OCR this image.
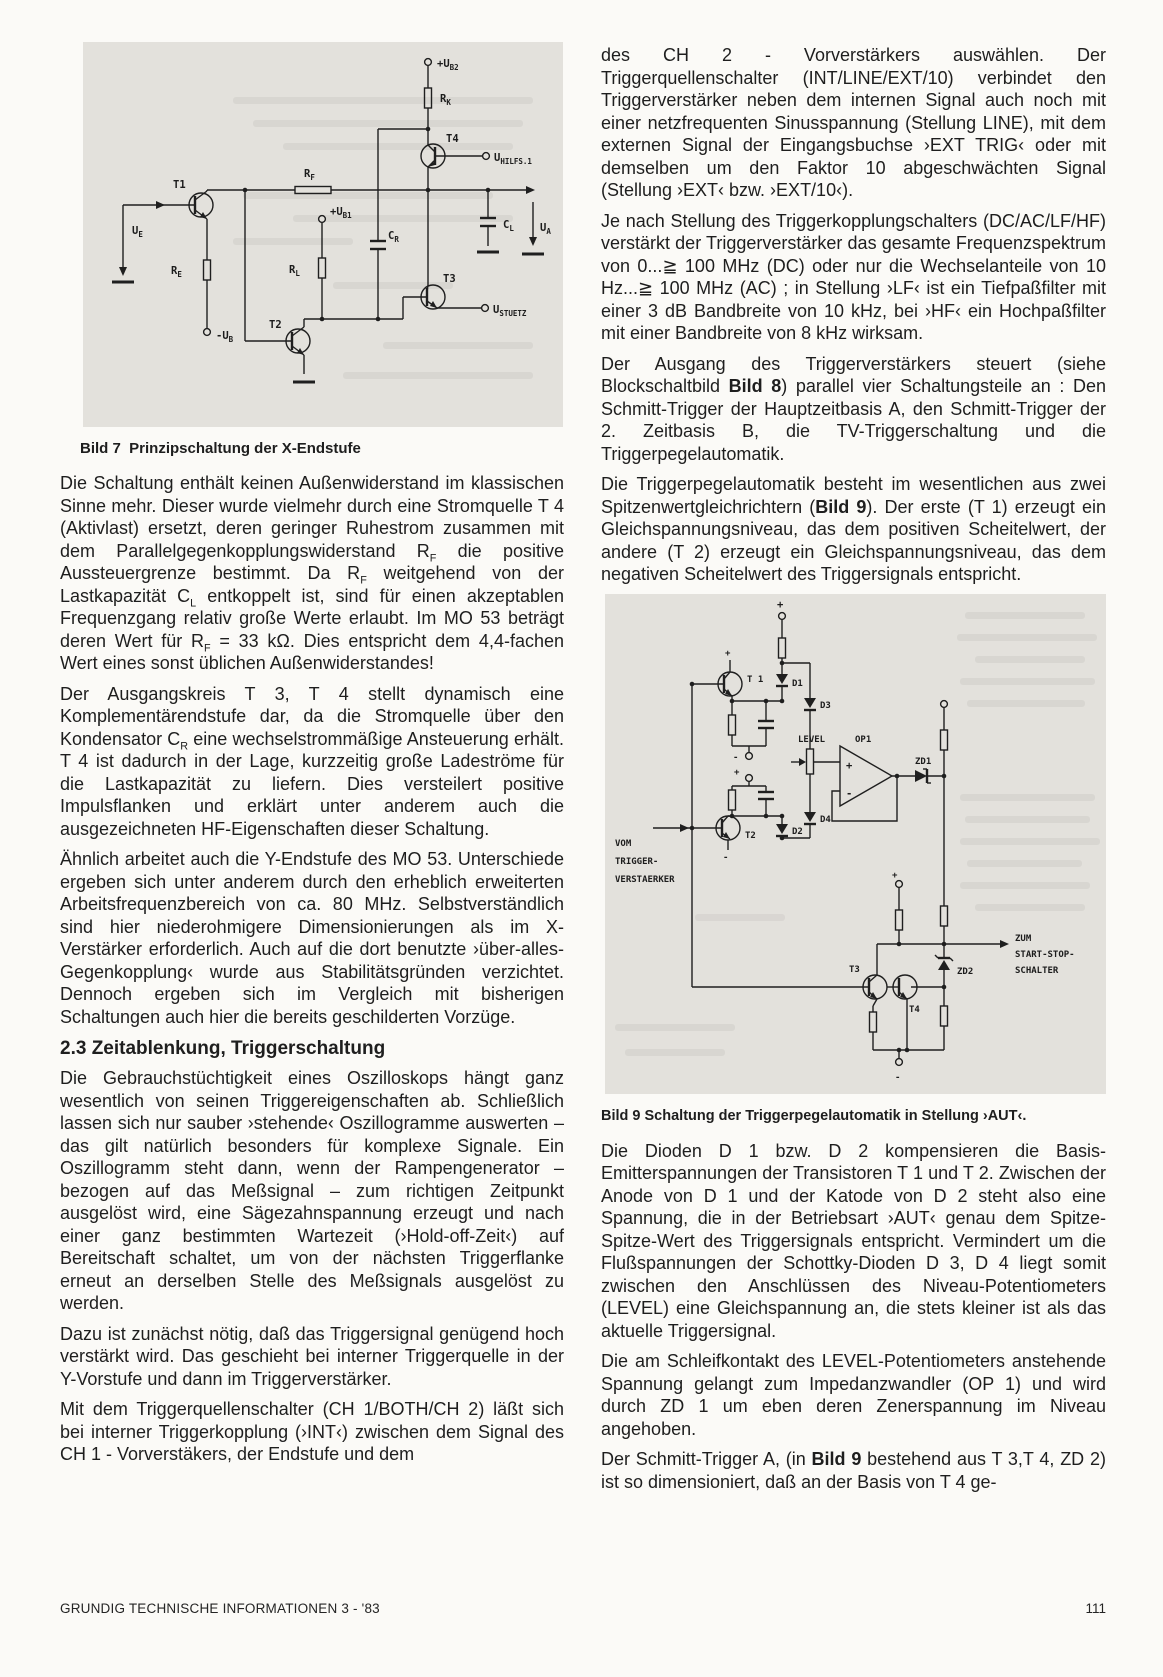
$U_E$
T1
$R_E$
$-U_B$
$R_F$
T2
$+U_{B1}$
$R_L$
$C_R$
$+U_{B2}$
$R_K$
T4
$U_{HILFS.1}$
$U_{STUETZ}$
T3
$C_L$ $U_A$
Bild 7  Prinzipschaltung der X-Endstufe

Die Schaltung enthält keinen Außenwiderstand im klassischen Sinne mehr. Dieser wurde vielmehr durch eine Stromquelle T 4 (Aktivlast) ersetzt, deren geringer Ruhestrom zusammen mit dem Parallelgegenkopplungswiderstand $R_F$ die positive Aussteuergrenze bestimmt. Da $R_F$ weitgehend von der Lastkapazität $C_L$ entkoppelt ist, sind für einen akzeptablen Frequenzgang relativ große Werte erlaubt. Im MO 53 beträgt deren Wert für $R_F = 33$ kΩ. Dies entspricht dem 4,4-fachen Wert eines sonst üblichen Außenwiderstandes!

Der Ausgangskreis T 3, T 4 stellt dynamisch eine Komplementärendstufe dar, da die Stromquelle über den Kondensator $C_R$ eine wechselstrommäßige Ansteuerung erhält. T 4 ist dadurch in der Lage, kurzzeitig große Ladeströme für die Lastkapazität zu liefern. Dies versteilert positive Impulsflanken und erklärt unter anderem auch die ausgezeichneten HF-Eigenschaften dieser Schaltung.

Ähnlich arbeitet auch die Y-Endstufe des MO 53. Unterschiede ergeben sich unter anderem durch den erheblich erweiterten Arbeitsfrequenzbereich von ca. 80 MHz. Selbstverständlich sind hier niederohmigere Dimensionierungen als im X-Verstärker erforderlich. Auch auf die dort benutzte ›über-alles-Gegenkopplung‹ wurde aus Stabilitätsgründen verzichtet. Dennoch ergeben sich im Vergleich mit bisherigen Schaltungen auch hier die bereits geschilderten Vorzüge.

2.3 Zeitablenkung, Triggerschaltung

Die Gebrauchstüchtigkeit eines Oszilloskops hängt ganz wesentlich von seinen Triggereigenschaften ab. Schließlich lassen sich nur sauber ›stehende‹ Oszillogramme auswerten – das gilt natürlich besonders für komplexe Signale. Ein Oszillogramm steht dann, wenn der Rampengenerator – bezogen auf das Meßsignal – zum richtigen Zeitpunkt ausgelöst wird, eine Sägezahnspannung erzeugt und nach einer ganz bestimmten Wartezeit (›Hold-off-Zeit‹) auf Bereitschaft schaltet, um von der nächsten Triggerflanke erneut an derselben Stelle des Meßsignals ausgelöst zu werden.

Dazu ist zunächst nötig, daß das Triggersignal genügend hoch verstärkt wird. Das geschieht bei interner Triggerquelle in der Y-Vorstufe und dann im Triggerverstärker.

Mit dem Triggerquellenschalter (CH 1/BOTH/CH 2) läßt sich bei interner Triggerkopplung (›INT‹) zwischen dem Signal des CH 1 - Vorverstäkers, der Endstufe und dem

des CH 2 - Vorverstärkers auswählen. Der Triggerquellenschalter (INT/LINE/EXT/10) verbindet den Triggerverstärker neben dem internen Signal auch noch mit einer netzfrequenten Sinusspannung (Stellung LINE), mit dem externen Signal der Eingangsbuchse ›EXT TRIG‹ oder mit demselben um den Faktor 10 abgeschwächten Signal (Stellung ›EXT‹ bzw. ›EXT/10‹).

Je nach Stellung des Triggerkopplungschalters (DC/AC/LF/HF) verstärkt der Triggerverstärker das gesamte Frequenzspektrum von 0...≧ 100 MHz (DC) oder nur die Wechselanteile von 10 Hz...≧ 100 MHz (AC) ; in Stellung ›LF‹ ist ein Tiefpaßfilter mit einer 3 dB Bandbreite von 10 kHz, bei ›HF‹ ein Hochpaßfilter mit einer Bandbreite von 8 kHz wirksam.

Der Ausgang des Triggerverstärkers steuert (siehe Blockschaltbild Bild 8) parallel vier Schaltungsteile an : Den Schmitt-Trigger der Hauptzeitbasis A, den Schmitt-Trigger der 2. Zeitbasis B, die TV-Triggerschaltung und die Triggerpegelautomatik.

Die Triggerpegelautomatik besteht im wesentlichen aus zwei Spitzenwertgleichrichtern (Bild 9). Der erste (T 1) erzeugt ein Gleichspannungsniveau, das dem positiven Scheitelwert, der andere (T 2) erzeugt ein Gleichspannungsniveau, das dem negativen Scheitelwert des Triggersignals entspricht.

+
D1
D3
+
T 1
-
LEVEL
D4
D2
+
-
T2
VOM
TRIGGER-
VERSTAERKER
+
-
OP1
ZD1
ZD2
+
ZUM
START-STOP-
SCHALTER
T3
T4
-
Bild 9 Schaltung der Triggerpegelautomatik in Stellung ›AUT‹.

Die Dioden D 1 bzw. D 2 kompensieren die Basis-Emitterspannungen der Transistoren T 1 und T 2. Zwischen der Anode von D 1 und der Katode von D 2 steht also eine Spannung, die in der Betriebsart ›AUT‹ genau dem Spitze-Spitze-Wert des Triggersignals entspricht. Vermindert um die Flußspannungen der Schottky-Dioden D 3, D 4 liegt somit zwischen den Anschlüssen des Niveau-Potentiometers (LEVEL) eine Gleichspannung an, die stets kleiner ist als das aktuelle Triggersignal.

Die am Schleifkontakt des LEVEL-Potentiometers anstehende Spannung gelangt zum Impedanzwandler (OP 1) und wird durch ZD 1 um eben deren Zenerspannung im Niveau angehoben.

Der Schmitt-Trigger A, (in Bild 9 bestehend aus T 3,T 4, ZD 2) ist so dimensioniert, daß an der Basis von T 4 ge-

GRUNDIG TECHNISCHE INFORMATIONEN 3 - '83	111
